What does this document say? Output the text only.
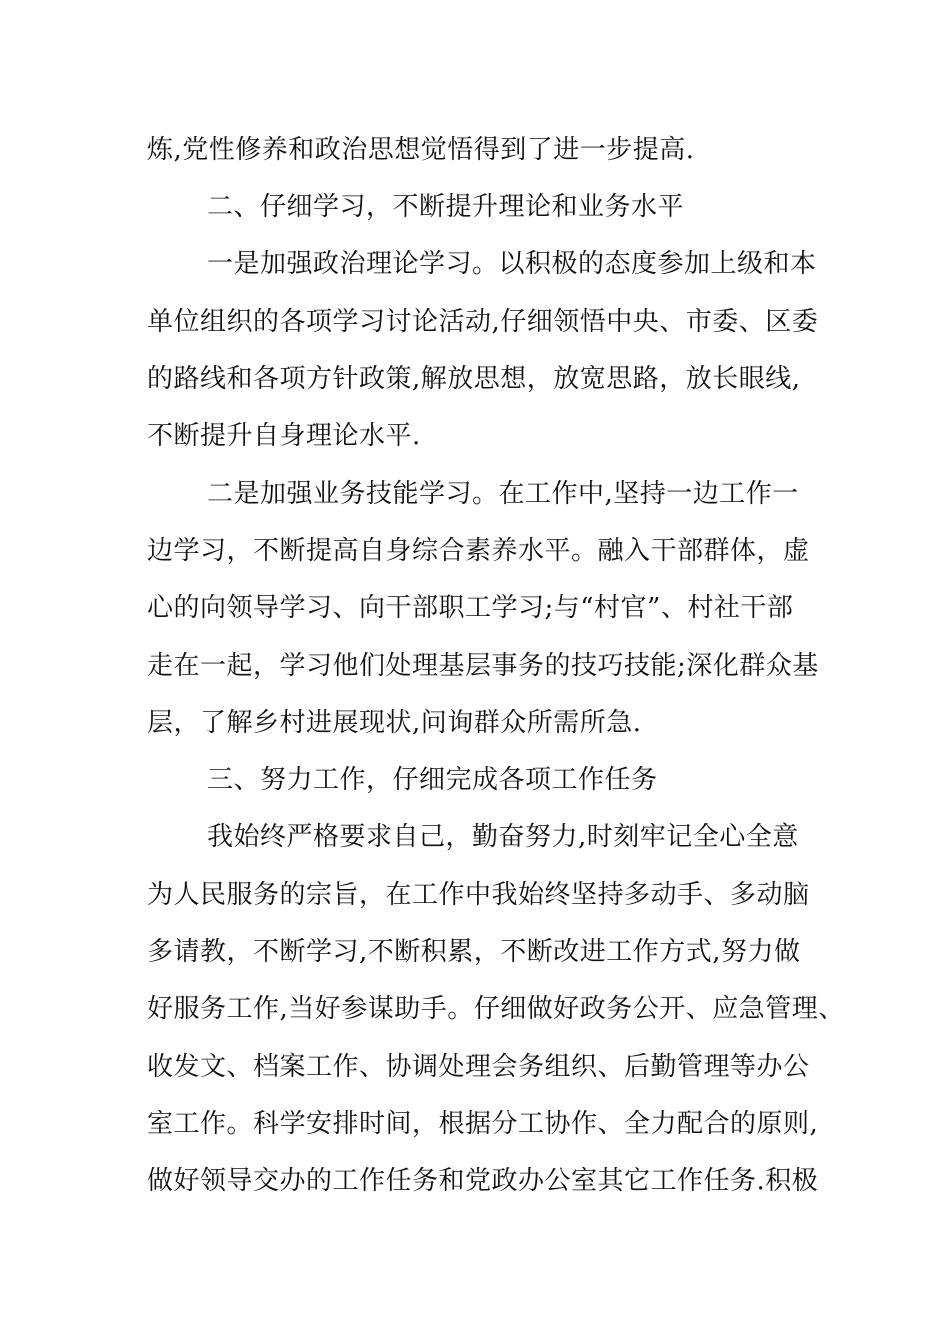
炼,党性修养和政治思想觉悟得到了进一步提高.
二、仔细学习，不断提升理论和业务水平
一是加强政治理论学习。以积极的态度参加上级和本
单位组织的各项学习讨论活动,仔细领悟中央、市委、区委
的路线和各项方针政策,解放思想，放宽思路，放长眼线,
不断提升自身理论水平.
二是加强业务技能学习。在工作中,坚持一边工作一
边学习，不断提高自身综合素养水平。融入干部群体，虚
心的向领导学习、向干部职工学习;与“村官”、村社干部
走在一起，学习他们处理基层事务的技巧技能;深化群众基
层，了解乡村进展现状,问询群众所需所急.
三、努力工作，仔细完成各项工作任务
我始终严格要求自己，勤奋努力,时刻牢记全心全意
为人民服务的宗旨，在工作中我始终坚持多动手、多动脑
多请教，不断学习,不断积累，不断改进工作方式,努力做
好服务工作,当好参谋助手。仔细做好政务公开、应急管理、
收发文、档案工作、协调处理会务组织、后勤管理等办公
室工作。科学安排时间，根据分工协作、全力配合的原则,
做好领导交办的工作任务和党政办公室其它工作任务.积极
